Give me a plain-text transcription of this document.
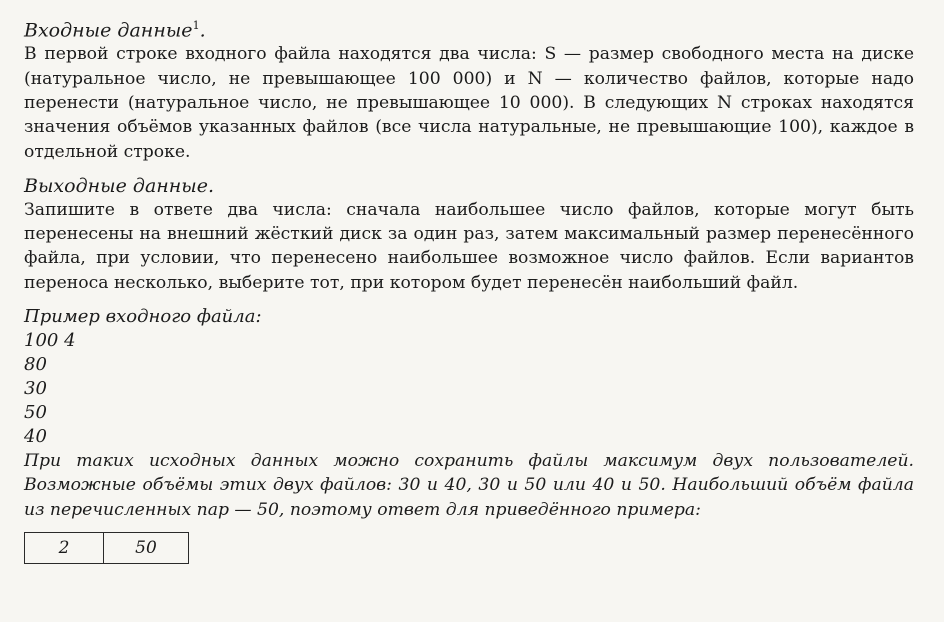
Входные данные$^1$.

В первой строке входного файла находятся два числа: S — размер свободного места на диске (натуральное число, не превышающее 100 000) и N — количество файлов, которые надо перенести (натуральное число, не превышающее 10 000). В следующих N строках находятся значения объёмов указанных файлов (все числа натуральные, не превышающие 100), каждое в отдельной строке.

Выходные данные.

Запишите в ответе два числа: сначала наибольшее число файлов, которые могут быть перенесены на внешний жёсткий диск за один раз, затем максимальный размер перенесённого файла, при условии, что перенесено наибольшее возможное число файлов. Если вариантов переноса несколько, выберите тот, при котором будет перенесён наибольший файл.

Пример входного файла:

100 4

80

30

50

40

При таких исходных данных можно сохранить файлы максимум двух пользователей. Возможные объёмы этих двух файлов: 30 и 40, 30 и 50 или 40 и 50. Наибольший объём файла из перечисленных пар — 50, поэтому ответ для приведённого примера:

2	50
